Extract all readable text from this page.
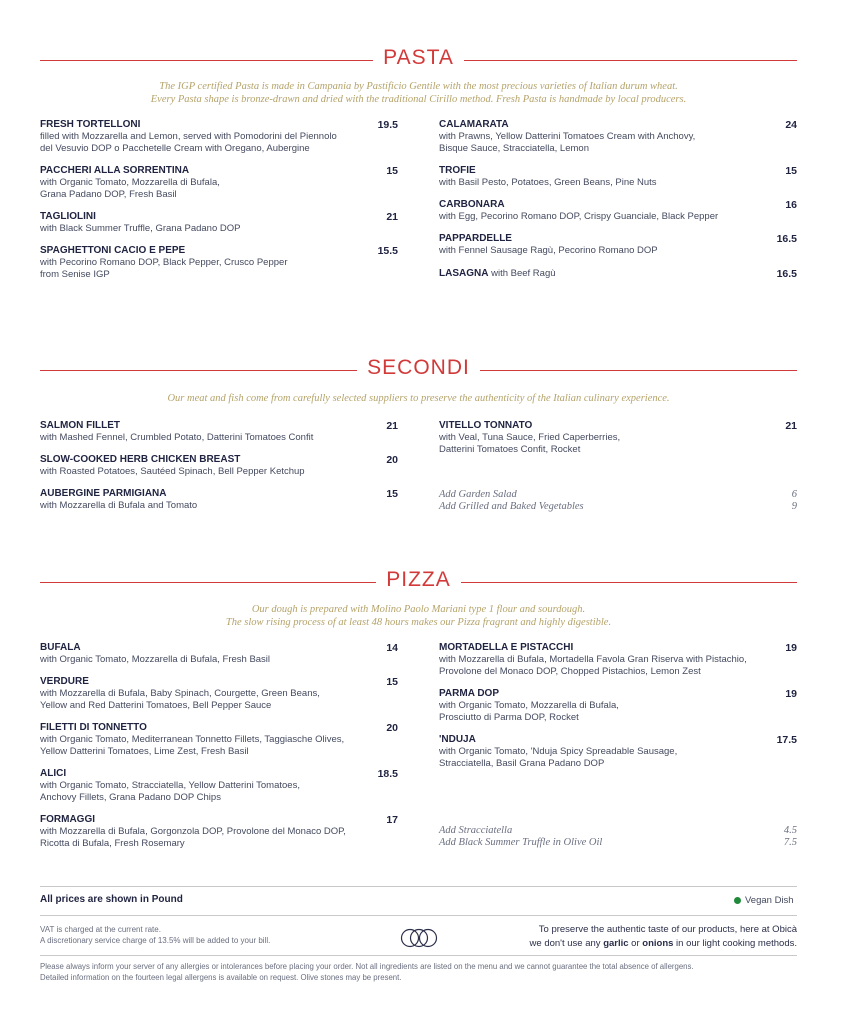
PASTA
The IGP certified Pasta is made in Campania by Pastificio Gentile with the most precious varieties of Italian durum wheat.
Every Pasta shape is bronze-drawn and dried with the traditional Cirillo method. Fresh Pasta is handmade by local producers.
SECONDI
Our meat and fish come from carefully selected suppliers to preserve the authenticity of the Italian culinary experience.
PIZZA
Our dough is prepared with Molino Paolo Mariani type 1 flour and sourdough.
The slow rising process of at least 48 hours makes our Pizza fragrant and highly digestible.
FRESH TORTELLONI
filled with Mozzarella and Lemon, served with Pomodorini del Piennolo
del Vesuvio DOP o Pacchetelle Cream with Oregano, Aubergine
19.5
PACCHERI ALLA SORRENTINA
with Organic Tomato, Mozzarella di Bufala,
Grana Padano DOP, Fresh Basil
15
TAGLIOLINI
with Black Summer Truffle, Grana Padano DOP
21
SPAGHETTONI CACIO E PEPE
with Pecorino Romano DOP, Black Pepper, Crusco Pepper
from Senise IGP
15.5
CALAMARATA
with Prawns, Yellow Datterini Tomatoes Cream with Anchovy,
Bisque Sauce, Stracciatella, Lemon
24
TROFIE
with Basil Pesto, Potatoes, Green Beans, Pine Nuts
15
CARBONARA
with Egg, Pecorino Romano DOP, Crispy Guanciale, Black Pepper
16
PAPPARDELLE
with Fennel Sausage Ragù, Pecorino Romano DOP
16.5
LASAGNA with Beef Ragù	16.5
SALMON FILLET
with Mashed Fennel, Crumbled Potato, Datterini Tomatoes Confit
21
SLOW-COOKED HERB CHICKEN BREAST
with Roasted Potatoes, Sautéed Spinach, Bell Pepper Ketchup
20
AUBERGINE PARMIGIANA
with Mozzarella di Bufala and Tomato
15
VITELLO TONNATO
with Veal, Tuna Sauce, Fried Caperberries,
Datterini Tomatoes Confit, Rocket
21
BUFALA
with Organic Tomato, Mozzarella di Bufala, Fresh Basil
14
VERDURE
with Mozzarella di Bufala, Baby Spinach, Courgette, Green Beans,
Yellow and Red Datterini Tomatoes, Bell Pepper Sauce
15
FILETTI DI TONNETTO
with Organic Tomato, Mediterranean Tonnetto Fillets, Taggiasche Olives,
Yellow Datterini Tomatoes, Lime Zest, Fresh Basil
20
ALICI
with Organic Tomato, Stracciatella, Yellow Datterini Tomatoes,
Anchovy Fillets, Grana Padano DOP Chips
18.5
FORMAGGI
with Mozzarella di Bufala, Gorgonzola DOP, Provolone del Monaco DOP,
Ricotta di Bufala, Fresh Rosemary
17
MORTADELLA E PISTACCHI
with Mozzarella di Bufala, Mortadella Favola Gran Riserva with Pistachio,
Provolone del Monaco DOP, Chopped Pistachios, Lemon Zest
19
PARMA DOP
with Organic Tomato, Mozzarella di Bufala,
Prosciutto di Parma DOP, Rocket
19
'NDUJA
with Organic Tomato, 'Nduja Spicy Spreadable Sausage,
Stracciatella, Basil Grana Padano DOP
17.5
Add Garden Salad	6
Add Grilled and Baked Vegetables	9
Add Stracciatella	4.5
Add Black Summer Truffle in Olive Oil	7.5
All prices are shown in Pound	Vegan Dish
VAT is charged at the current rate.
A discretionary service charge of 13.5% will be added to your bill.
To preserve the authentic taste of our products, here at Obicà
we don't use any garlic or onions in our light cooking methods.
Please always inform your server of any allergies or intolerances before placing your order. Not all ingredients are listed on the menu and we cannot guarantee the total absence of allergens.
Detailed information on the fourteen legal allergens is available on request. Olive stones may be present.
